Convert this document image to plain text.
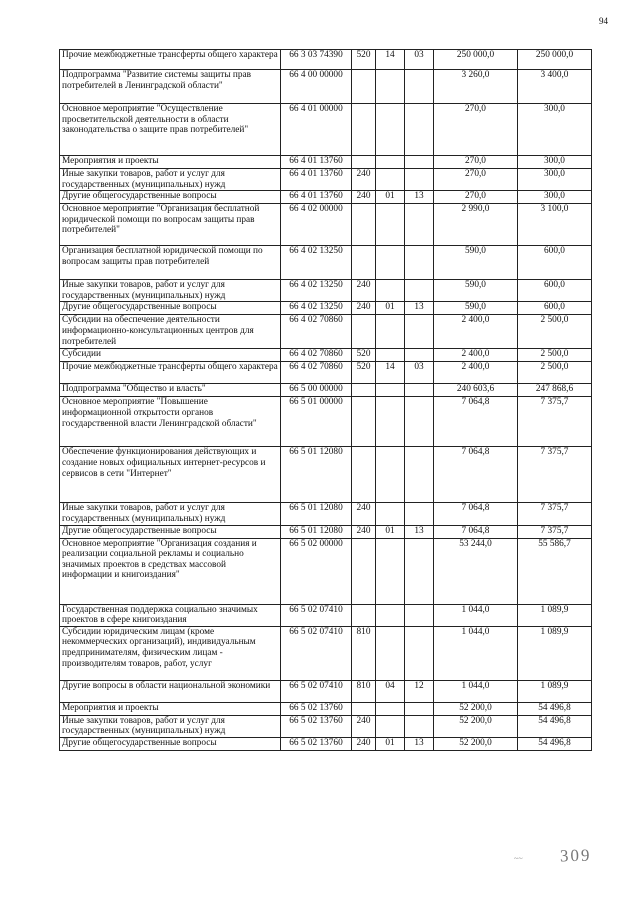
94
Прочие межбюджетные трансферты общего характера	66 3 03 74390	520	14	03	250 000,0	250 000,0
Подпрограмма "Развитие системы защиты прав потребителей в Ленинградской области"	66 4 00 00000				3 260,0	3 400,0
Основное мероприятие "Осуществление просветительской деятельности в области законодательства о защите прав потребителей"	66 4 01 00000				270,0	300,0
Мероприятия и проекты	66 4 01 13760				270,0	300,0
Иные закупки товаров, работ и услуг для государственных (муниципальных) нужд	66 4 01 13760	240			270,0	300,0
Другие общегосударственные вопросы	66 4 01 13760	240	01	13	270,0	300,0
Основное мероприятие "Организация бесплатной юридической помощи по вопросам защиты прав потребителей"	66 4 02 00000				2 990,0	3 100,0
Организация бесплатной юридической помощи по вопросам защиты прав потребителей	66 4 02 13250				590,0	600,0
Иные закупки товаров, работ и услуг для государственных (муниципальных) нужд	66 4 02 13250	240			590,0	600,0
Другие общегосударственные вопросы	66 4 02 13250	240	01	13	590,0	600,0
Субсидии на обеспечение деятельности информационно-консультационных центров для потребителей	66 4 02 70860				2 400,0	2 500,0
Субсидии	66 4 02 70860	520			2 400,0	2 500,0
Прочие межбюджетные трансферты общего характера	66 4 02 70860	520	14	03	2 400,0	2 500,0
Подпрограмма "Общество и власть"	66 5 00 00000				240 603,6	247 868,6
Основное мероприятие "Повышение информационной открытости органов государственной власти Ленинградской области"	66 5 01 00000				7 064,8	7 375,7
Обеспечение функционирования действующих и создание новых официальных интернет-ресурсов и сервисов в сети "Интернет"	66 5 01 12080				7 064,8	7 375,7
Иные закупки товаров, работ и услуг для государственных (муниципальных) нужд	66 5 01 12080	240			7 064,8	7 375,7
Другие общегосударственные вопросы	66 5 01 12080	240	01	13	7 064,8	7 375,7
Основное мероприятие "Организация создания и реализации социальной рекламы и социально значимых проектов в средствах массовой информации и книгоиздания"	66 5 02 00000				53 244,0	55 586,7
Государственная поддержка социально значимых проектов в сфере книгоиздания	66 5 02 07410				1 044,0	1 089,9
Субсидии юридическим лицам (кроме некоммерческих организаций), индивидуальным предпринимателям, физическим лицам - производителям товаров, работ, услуг	66 5 02 07410	810			1 044,0	1 089,9
Другие вопросы в области национальной экономики	66 5 02 07410	810	04	12	1 044,0	1 089,9
Мероприятия и проекты	66 5 02 13760				52 200,0	54 496,8
Иные закупки товаров, работ и услуг для государственных (муниципальных) нужд	66 5 02 13760	240			52 200,0	54 496,8
Другие общегосударственные вопросы	66 5 02 13760	240	01	13	52 200,0	54 496,8
~~ 309
